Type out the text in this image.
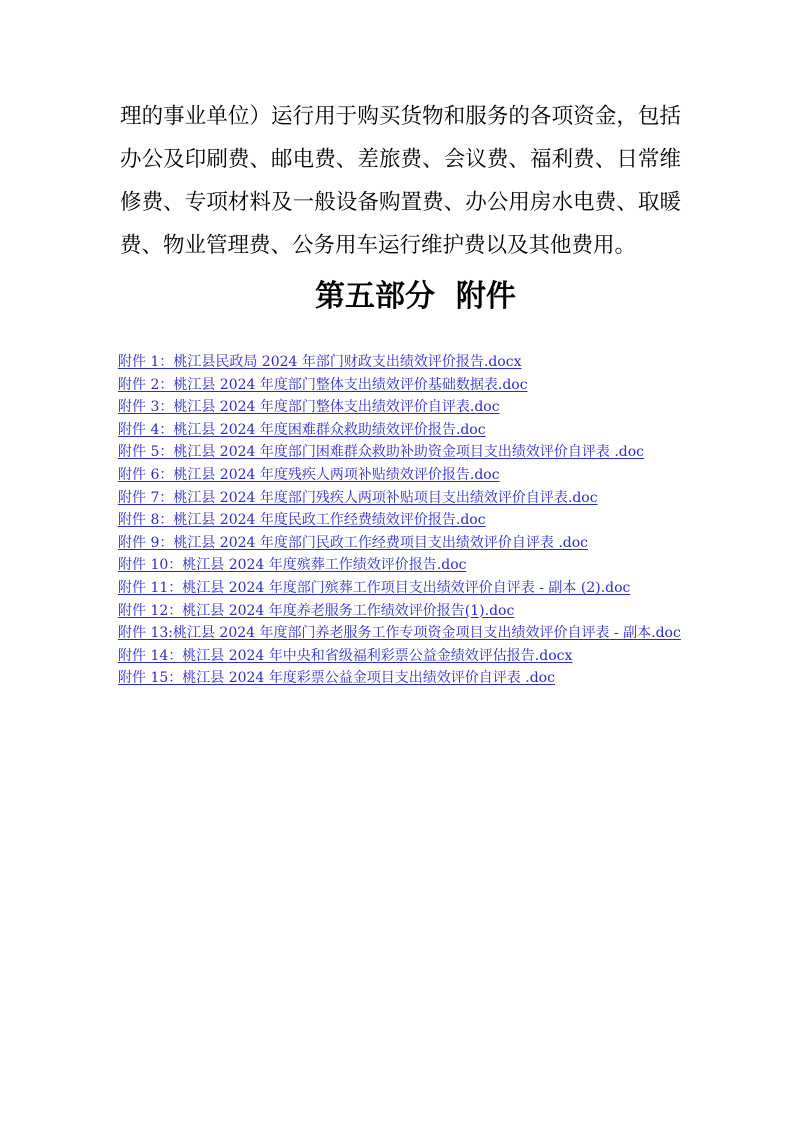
理的事业单位）运行用于购买货物和服务的各项资金，包括
办公及印刷费、邮电费、差旅费、会议费、福利费、日常维
修费、专项材料及一般设备购置费、办公用房水电费、取暖
费、物业管理费、公务用车运行维护费以及其他费用。
第五部分  附件
附件 1：桃江县民政局 2024 年部门财政支出绩效评价报告.docx
附件 2：桃江县 2024 年度部门整体支出绩效评价基础数据表.doc
附件 3：桃江县 2024 年度部门整体支出绩效评价自评表.doc
附件 4：桃江县 2024 年度困难群众救助绩效评价报告.doc
附件 5：桃江县 2024 年度部门困难群众救助补助资金项目支出绩效评价自评表 .doc
附件 6：桃江县 2024 年度残疾人两项补贴绩效评价报告.doc
附件 7：桃江县 2024 年度部门残疾人两项补贴项目支出绩效评价自评表.doc
附件 8：桃江县 2024 年度民政工作经费绩效评价报告.doc
附件 9：桃江县 2024 年度部门民政工作经费项目支出绩效评价自评表 .doc
附件 10：桃江县 2024 年度殡葬工作绩效评价报告.doc
附件 11：桃江县 2024 年度部门殡葬工作项目支出绩效评价自评表 - 副本 (2).doc
附件 12：桃江县 2024 年度养老服务工作绩效评价报告(1).doc
附件 13:桃江县 2024 年度部门养老服务工作专项资金项目支出绩效评价自评表 - 副本.doc
附件 14：桃江县 2024 年中央和省级福利彩票公益金绩效评估报告.docx
附件 15：桃江县 2024 年度彩票公益金项目支出绩效评价自评表 .doc
